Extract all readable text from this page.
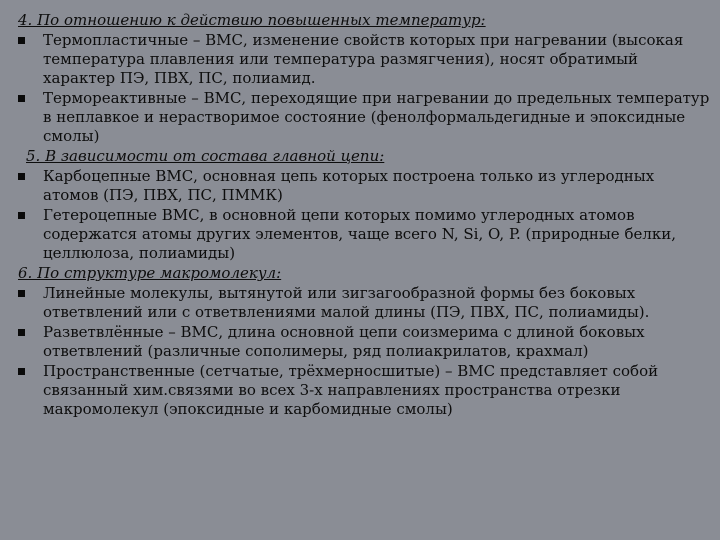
4. По отношению к действию повышенных температур:
Термопластичные – ВМС, изменение свойств которых при нагревании (высокая температура плавления или температура размягчения), носят обратимый характер ПЭ, ПВХ, ПС, полиамид.
Термореактивные – ВМС, переходящие при нагревании до предельных температур в неплавкое и нерастворимое состояние (фенолформальдегидные и эпоксидные смолы)
5. В зависимости от состава главной цепи:
Карбоцепные ВМС, основная цепь которых построена только из углеродных атомов (ПЭ, ПВХ, ПС, ПММК)
Гетероцепные ВМС, в основной цепи которых помимо углеродных атомов содержатся атомы других элементов, чаще всего N, Si, O, P. (природные белки, целлюлоза, полиамиды)
6. По структуре макромолекул:
Линейные молекулы, вытянутой или зигзагообразной формы без боковых ответвлений или с ответвлениями малой длины (ПЭ, ПВХ, ПС, полиамиды).
Разветвлённые – ВМС, длина основной цепи соизмерима с длиной боковых ответвлений (различные сополимеры, ряд полиакрилатов, крахмал)
Пространственные (сетчатые, трёхмерносшитые) – ВМС представляет собой связанный хим.связями во всех 3-х направлениях пространства отрезки макромолекул (эпоксидные и карбомидные смолы)
